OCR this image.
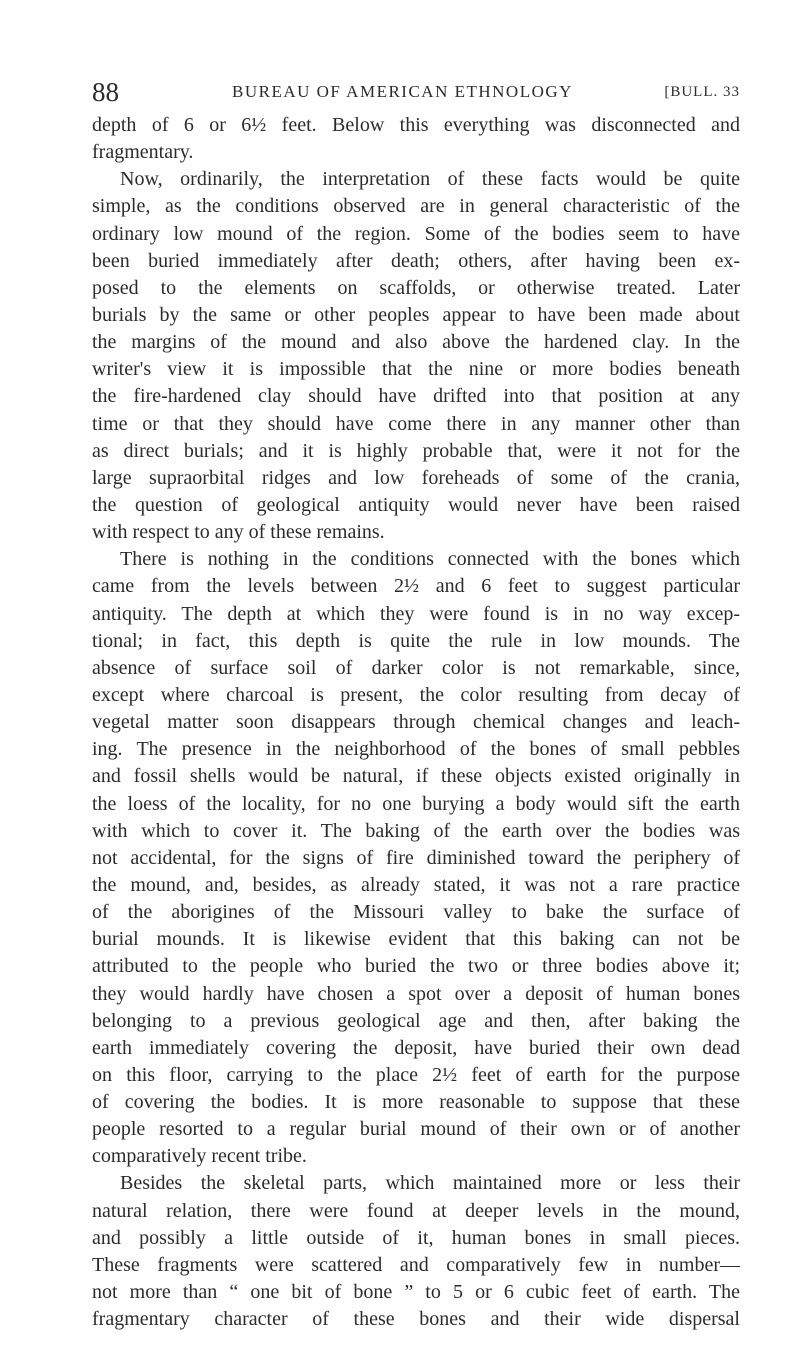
88	BUREAU OF AMERICAN ETHNOLOGY	[BULL. 33
depth of 6 or 6½ feet. Below this everything was disconnected and
fragmentary.
Now, ordinarily, the interpretation of these facts would be quite
simple, as the conditions observed are in general characteristic of the
ordinary low mound of the region. Some of the bodies seem to have
been buried immediately after death; others, after having been ex-
posed to the elements on scaffolds, or otherwise treated. Later
burials by the same or other peoples appear to have been made about
the margins of the mound and also above the hardened clay. In the
writer's view it is impossible that the nine or more bodies beneath
the fire-hardened clay should have drifted into that position at any
time or that they should have come there in any manner other than
as direct burials; and it is highly probable that, were it not for the
large supraorbital ridges and low foreheads of some of the crania,
the question of geological antiquity would never have been raised
with respect to any of these remains.
There is nothing in the conditions connected with the bones which
came from the levels between 2½ and 6 feet to suggest particular
antiquity. The depth at which they were found is in no way excep-
tional; in fact, this depth is quite the rule in low mounds. The
absence of surface soil of darker color is not remarkable, since,
except where charcoal is present, the color resulting from decay of
vegetal matter soon disappears through chemical changes and leach-
ing. The presence in the neighborhood of the bones of small pebbles
and fossil shells would be natural, if these objects existed originally in
the loess of the locality, for no one burying a body would sift the earth
with which to cover it. The baking of the earth over the bodies was
not accidental, for the signs of fire diminished toward the periphery of
the mound, and, besides, as already stated, it was not a rare practice
of the aborigines of the Missouri valley to bake the surface of
burial mounds. It is likewise evident that this baking can not be
attributed to the people who buried the two or three bodies above it;
they would hardly have chosen a spot over a deposit of human bones
belonging to a previous geological age and then, after baking the
earth immediately covering the deposit, have buried their own dead
on this floor, carrying to the place 2½ feet of earth for the purpose
of covering the bodies. It is more reasonable to suppose that these
people resorted to a regular burial mound of their own or of another
comparatively recent tribe.
Besides the skeletal parts, which maintained more or less their
natural relation, there were found at deeper levels in the mound,
and possibly a little outside of it, human bones in small pieces.
These fragments were scattered and comparatively few in number—
not more than “ one bit of bone ” to 5 or 6 cubic feet of earth. The
fragmentary character of these bones and their wide dispersal
